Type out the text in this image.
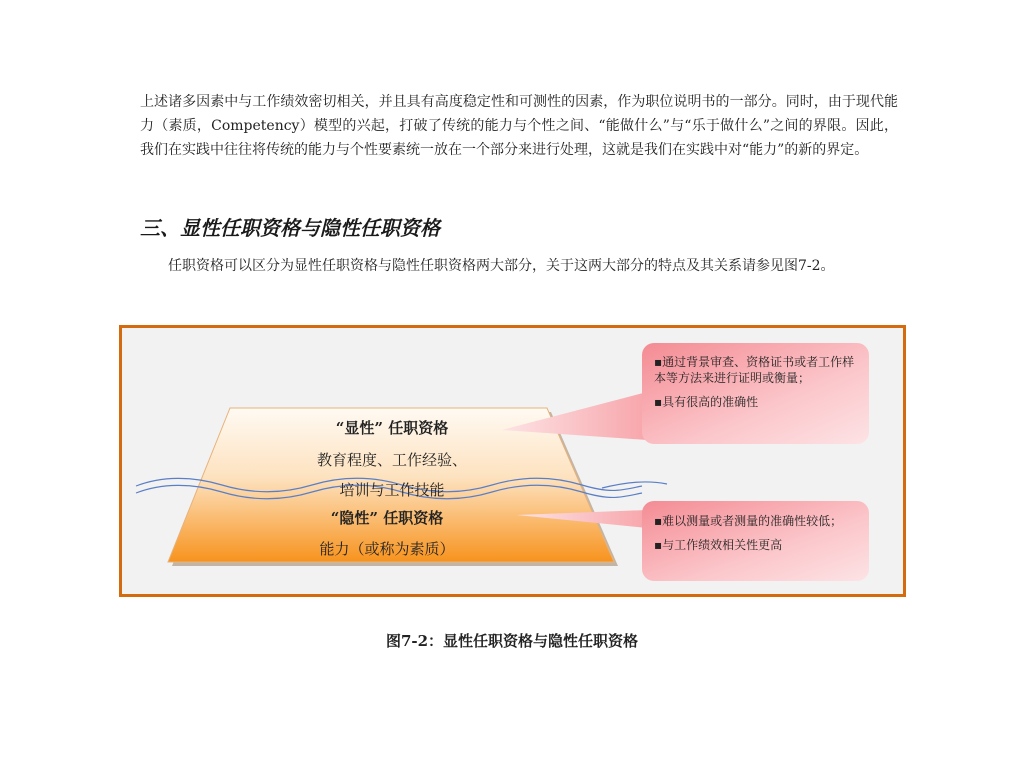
上述诸多因素中与工作绩效密切相关，并且具有高度稳定性和可测性的因素，作为职位说明书的一部分。同时，由于现代能力（素质，Competency）模型的兴起，打破了传统的能力与个性之间、“能做什么”与“乐于做什么”之间的界限。因此，我们在实践中往往将传统的能力与个性要素统一放在一个部分来进行处理，这就是我们在实践中对“能力”的新的界定。

三、显性任职资格与隐性任职资格

任职资格可以区分为显性任职资格与隐性任职资格两大部分，关于这两大部分的特点及其关系请参见图7-2。

“显性” 任职资格
教育程度、工作经验、
培训与工作技能
“隐性” 任职资格
能力（或称为素质）
▪通过背景审查、资格证书或者工作样本等方法来进行证明或衡量；
▪具有很高的准确性
▪难以测量或者测量的准确性较低；
▪与工作绩效相关性更高

图7-2：显性任职资格与隐性任职资格
